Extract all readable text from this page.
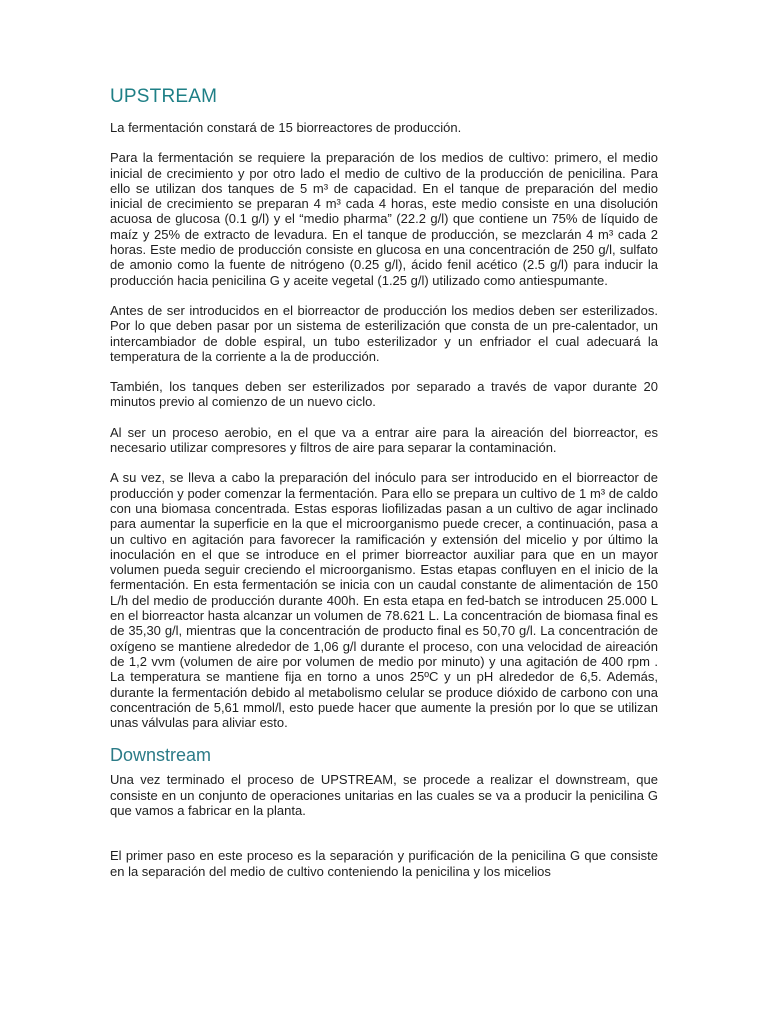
UPSTREAM

La fermentación constará de 15 biorreactores de producción.

Para la fermentación se requiere la preparación de los medios de cultivo: primero, el medio inicial de crecimiento y por otro lado el medio de cultivo de la producción de penicilina. Para ello se utilizan dos tanques de 5 m³ de capacidad. En el tanque de preparación del medio inicial de crecimiento se preparan 4 m³ cada 4 horas, este medio consiste en una disolución acuosa de glucosa (0.1 g/l) y el “medio pharma” (22.2 g/l) que contiene un 75% de líquido de maíz y 25% de extracto de levadura. En el tanque de producción, se mezclarán 4 m³ cada 2 horas. Este medio de producción consiste en glucosa en una concentración de 250 g/l, sulfato de amonio como la fuente de nitrógeno (0.25 g/l), ácido fenil acético (2.5 g/l) para inducir la producción hacia penicilina G y aceite vegetal (1.25 g/l) utilizado como antiespumante.

Antes de ser introducidos en el biorreactor de producción los medios deben ser esterilizados. Por lo que deben pasar por un sistema de esterilización que consta de un pre-calentador, un intercambiador de doble espiral, un tubo esterilizador y un enfriador el cual adecuará la temperatura de la corriente a la de producción.

También, los tanques deben ser esterilizados por separado a través de vapor durante 20 minutos previo al comienzo de un nuevo ciclo.

Al ser un proceso aerobio, en el que va a entrar aire para la aireación del biorreactor, es necesario utilizar compresores y filtros de aire para separar la contaminación.

A su vez, se lleva a cabo la preparación del inóculo para ser introducido en el biorreactor de producción y poder comenzar la fermentación. Para ello se prepara un cultivo de 1 m³ de caldo con una biomasa concentrada. Estas esporas liofilizadas pasan a un cultivo de agar inclinado para aumentar la superficie en la que el microorganismo puede crecer, a continuación, pasa a un cultivo en agitación para favorecer la ramificación y extensión del micelio y por último la inoculación en el que se introduce en el primer biorreactor auxiliar para que en un mayor volumen pueda seguir creciendo el microorganismo. Estas etapas confluyen en el inicio de la fermentación. En esta fermentación se inicia con un caudal constante de alimentación de 150 L/h del medio de producción durante 400h. En esta etapa en fed-batch se introducen 25.000 L en el biorreactor hasta alcanzar un volumen de 78.621 L. La concentración de biomasa final es de 35,30 g/l, mientras que la concentración de producto final es 50,70 g/l. La concentración de oxígeno se mantiene alrededor de 1,06 g/l durante el proceso, con una velocidad de aireación de 1,2 vvm (volumen de aire por volumen de medio por minuto) y una agitación de 400 rpm . La temperatura se mantiene fija en torno a unos 25ºC y un pH alrededor de 6,5. Además, durante la fermentación debido al metabolismo celular se produce dióxido de carbono con una concentración de 5,61 mmol/l, esto puede hacer que aumente la presión por lo que se utilizan unas válvulas para aliviar esto.

Downstream

Una vez terminado el proceso de UPSTREAM, se procede a realizar el downstream, que consiste en un conjunto de operaciones unitarias en las cuales se va a producir la penicilina G que vamos a fabricar en la planta.

El primer paso en este proceso es la separación y purificación de la penicilina G que consiste en la separación del medio de cultivo conteniendo la penicilina y los micelios
